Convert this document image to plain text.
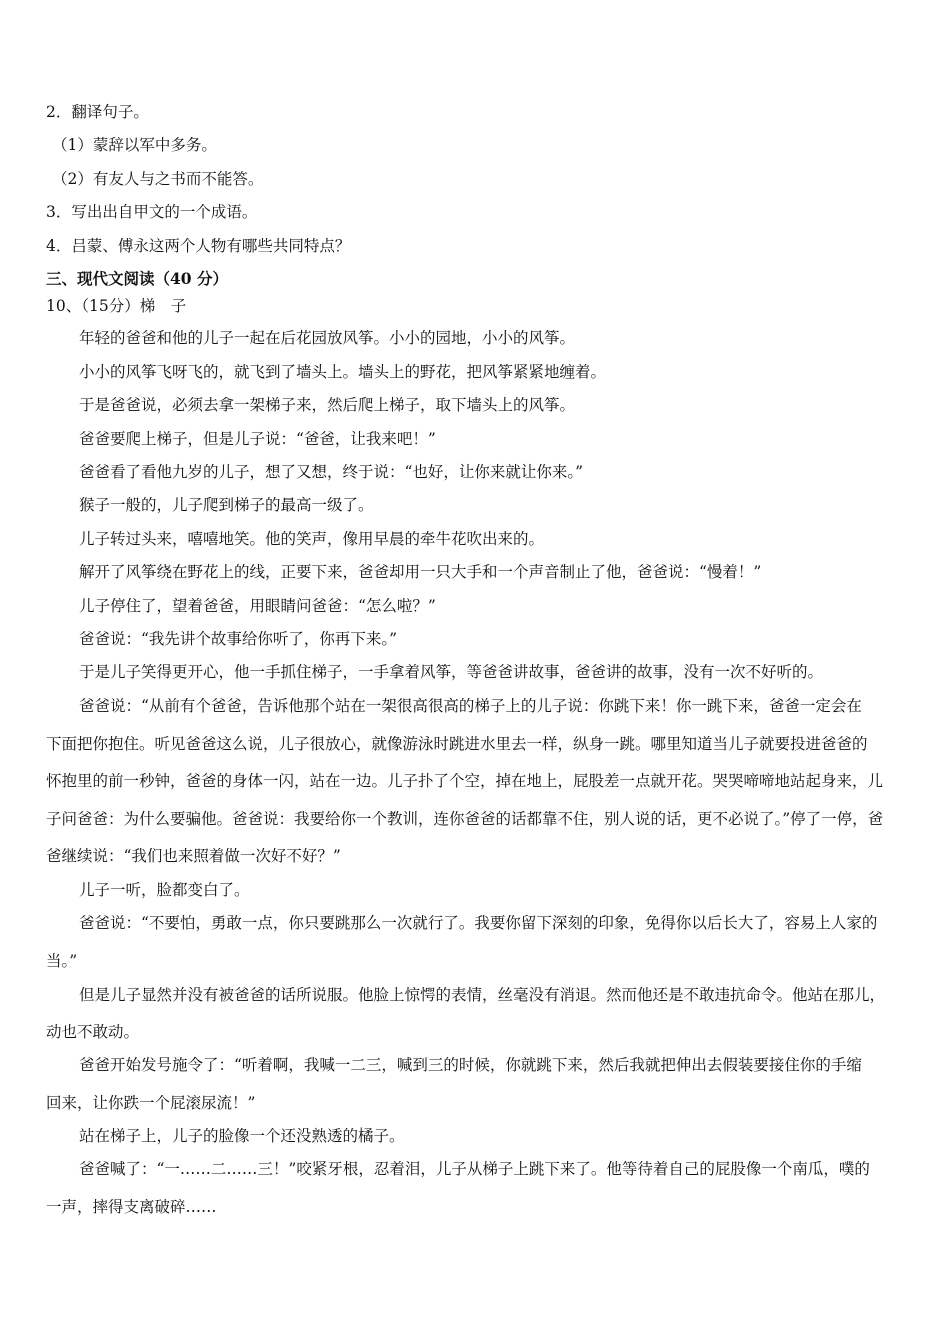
2．翻译句子。
（1）蒙辞以军中多务。
（2）有友人与之书而不能答。
3．写出出自甲文的一个成语。
4．吕蒙、傅永这两个人物有哪些共同特点？
三、现代文阅读（40 分）
10、（15分）梯　子
年轻的爸爸和他的儿子一起在后花园放风筝。小小的园地，小小的风筝。
小小的风筝飞呀飞的，就飞到了墙头上。墙头上的野花，把风筝紧紧地缠着。
于是爸爸说，必须去拿一架梯子来，然后爬上梯子，取下墙头上的风筝。
爸爸要爬上梯子，但是儿子说：“爸爸，让我来吧！”
爸爸看了看他九岁的儿子，想了又想，终于说：“也好，让你来就让你来。”
猴子一般的，儿子爬到梯子的最高一级了。
儿子转过头来，嘻嘻地笑。他的笑声，像用早晨的牵牛花吹出来的。
解开了风筝绕在野花上的线，正要下来，爸爸却用一只大手和一个声音制止了他，爸爸说：“慢着！”
儿子停住了，望着爸爸，用眼睛问爸爸：“怎么啦？”
爸爸说：“我先讲个故事给你听了，你再下来。”
于是儿子笑得更开心，他一手抓住梯子，一手拿着风筝，等爸爸讲故事，爸爸讲的故事，没有一次不好听的。
爸爸说：“从前有个爸爸，告诉他那个站在一架很高很高的梯子上的儿子说：你跳下来！你一跳下来，爸爸一定会在
下面把你抱住。听见爸爸这么说，儿子很放心，就像游泳时跳进水里去一样，纵身一跳。哪里知道当儿子就要投进爸爸的
怀抱里的前一秒钟，爸爸的身体一闪，站在一边。儿子扑了个空，掉在地上，屁股差一点就开花。哭哭啼啼地站起身来，儿
子问爸爸：为什么要骗他。爸爸说：我要给你一个教训，连你爸爸的话都靠不住，别人说的话，更不必说了。”停了一停，爸
爸继续说：“我们也来照着做一次好不好？”
儿子一听，脸都变白了。
爸爸说：“不要怕，勇敢一点，你只要跳那么一次就行了。我要你留下深刻的印象，免得你以后长大了，容易上人家的
当。”
但是儿子显然并没有被爸爸的话所说服。他脸上惊愕的表情，丝毫没有消退。然而他还是不敢违抗命令。他站在那儿，
动也不敢动。
爸爸开始发号施令了：“听着啊，我喊一二三，喊到三的时候，你就跳下来，然后我就把伸出去假装要接住你的手缩
回来，让你跌一个屁滚尿流！”
站在梯子上，儿子的脸像一个还没熟透的橘子。
爸爸喊了：“一……二……三！”咬紧牙根，忍着泪，儿子从梯子上跳下来了。他等待着自己的屁股像一个南瓜，噗的
一声，摔得支离破碎……
